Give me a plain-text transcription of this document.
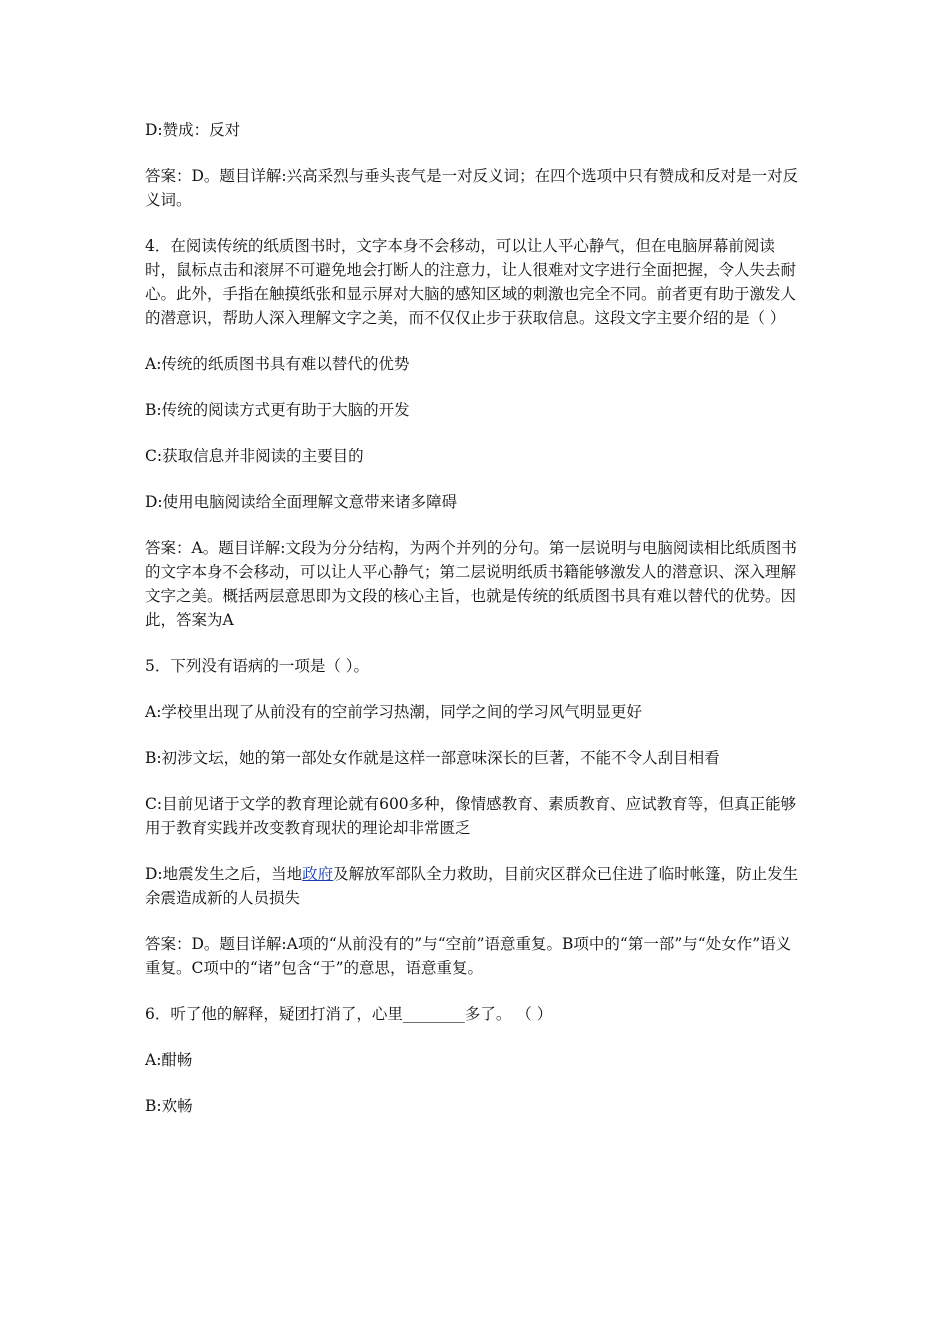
D:赞成：反对

答案：D。题目详解:兴高采烈与垂头丧气是一对反义词；在四个选项中只有赞成和反对是一对反义词。

4．在阅读传统的纸质图书时，文字本身不会移动，可以让人平心静气，但在电脑屏幕前阅读时，鼠标点击和滚屏不可避免地会打断人的注意力，让人很难对文字进行全面把握，令人失去耐心。此外，手指在触摸纸张和显示屏对大脑的感知区域的刺激也完全不同。前者更有助于激发人的潜意识，帮助人深入理解文字之美，而不仅仅止步于获取信息。这段文字主要介绍的是（ ）

A:传统的纸质图书具有难以替代的优势

B:传统的阅读方式更有助于大脑的开发

C:获取信息并非阅读的主要目的

D:使用电脑阅读给全面理解文意带来诸多障碍

答案：A。题目详解:文段为分分结构，为两个并列的分句。第一层说明与电脑阅读相比纸质图书的文字本身不会移动，可以让人平心静气；第二层说明纸质书籍能够激发人的潜意识、深入理解文字之美。概括两层意思即为文段的核心主旨，也就是传统的纸质图书具有难以替代的优势。因此，答案为A

5．下列没有语病的一项是（ ）。

A:学校里出现了从前没有的空前学习热潮，同学之间的学习风气明显更好

B:初涉文坛，她的第一部处女作就是这样一部意味深长的巨著，不能不令人刮目相看

C:目前见诸于文学的教育理论就有600多种，像情感教育、素质教育、应试教育等，但真正能够用于教育实践并改变教育现状的理论却非常匮乏

D:地震发生之后，当地政府及解放军部队全力救助，目前灾区群众已住进了临时帐篷，防止发生余震造成新的人员损失

答案：D。题目详解:A项的“从前没有的”与“空前”语意重复。B项中的“第一部”与“处女作”语义重复。C项中的“诸”包含“于”的意思，语意重复。

6．听了他的解释，疑团打消了，心里________多了。 （ ）

A:酣畅

B:欢畅
